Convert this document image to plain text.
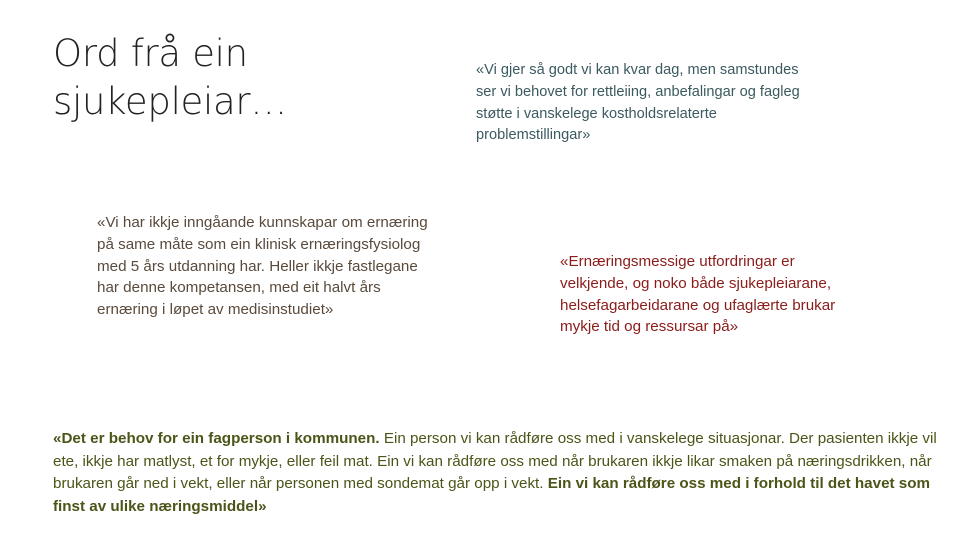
Ord frå ein sjukepleiar…
«Vi gjer så godt vi kan kvar dag, men samstundes ser vi behovet for rettleiing, anbefalingar og fagleg støtte i vanskelege kostholdsrelaterte problemstillingar»
«Vi har ikkje inngåande kunnskapar om ernæring på same måte som ein klinisk ernæringsfysiolog med 5 års utdanning har. Heller ikkje fastlegane har denne kompetansen, med eit halvt års ernæring i løpet av medisinstudiet»
«Ernæringsmessige utfordringar er velkjende, og noko både sjukepleiarane, helsefagarbeidarane og ufaglærte brukar mykje tid og ressursar på»
«Det er behov for ein fagperson i kommunen. Ein person vi kan rådføre oss med i vanskelege situasjonar. Der pasienten ikkje vil ete, ikkje har matlyst, et for mykje, eller feil mat. Ein vi kan rådføre oss med når brukaren ikkje likar smaken på næringsdrikken, når brukaren går ned i vekt, eller når personen med sondemat går opp i vekt. Ein vi kan rådføre oss med i forhold til det havet som finst av ulike næringsmiddel»
